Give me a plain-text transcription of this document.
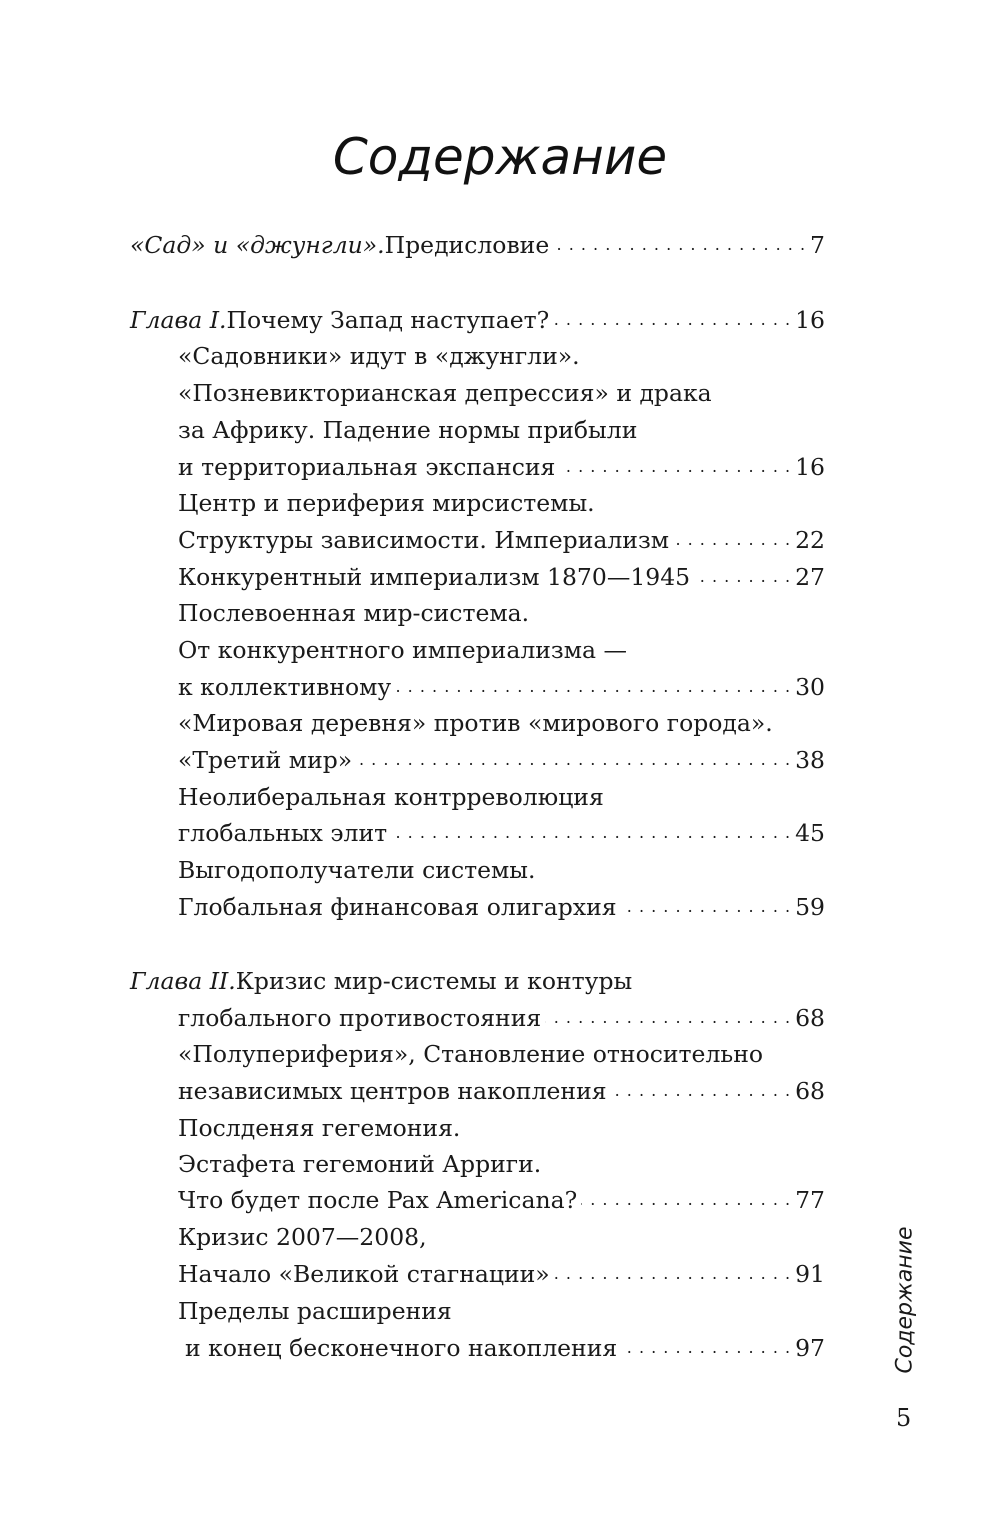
Содержание
«Сад» и «джунгли». Предисловие . . .	7
Глава I. Почему Запад наступает? . . .	16
«Садовники» идут в «джунгли».
«Позневикторианская депрессия» и драка
за Африку. Падение нормы прибыли
и территориальная экспансия . . .	16
Центр и периферия мирсистемы.
Структуры зависимости. Империализм . . .	22
Конкурентный империализм 1870—1945 . . .	27
Послевоенная мир-система.
От конкурентного империализма —
к коллективному . . .	30
«Мировая деревня» против «мирового города».
«Третий мир» . . .	38
Неолиберальная контрреволюция
глобальных элит . . .	45
Выгодополучатели системы.
Глобальная финансовая олигархия . . .	59
Глава II. Кризис мир-системы и контуры
глобального противостояния . . .	68
«Полупериферия», Становление относительно
независимых центров накопления . . .	68
Послденяя гегемония.
Эстафета гегемоний Арриги.
Что будет после Pax Americana? . . .	77
Кризис 2007—2008,
Начало «Великой стагнации» . . .	91
Пределы расширения
и конец бесконечного накопления . . .	97	Содержание
5
